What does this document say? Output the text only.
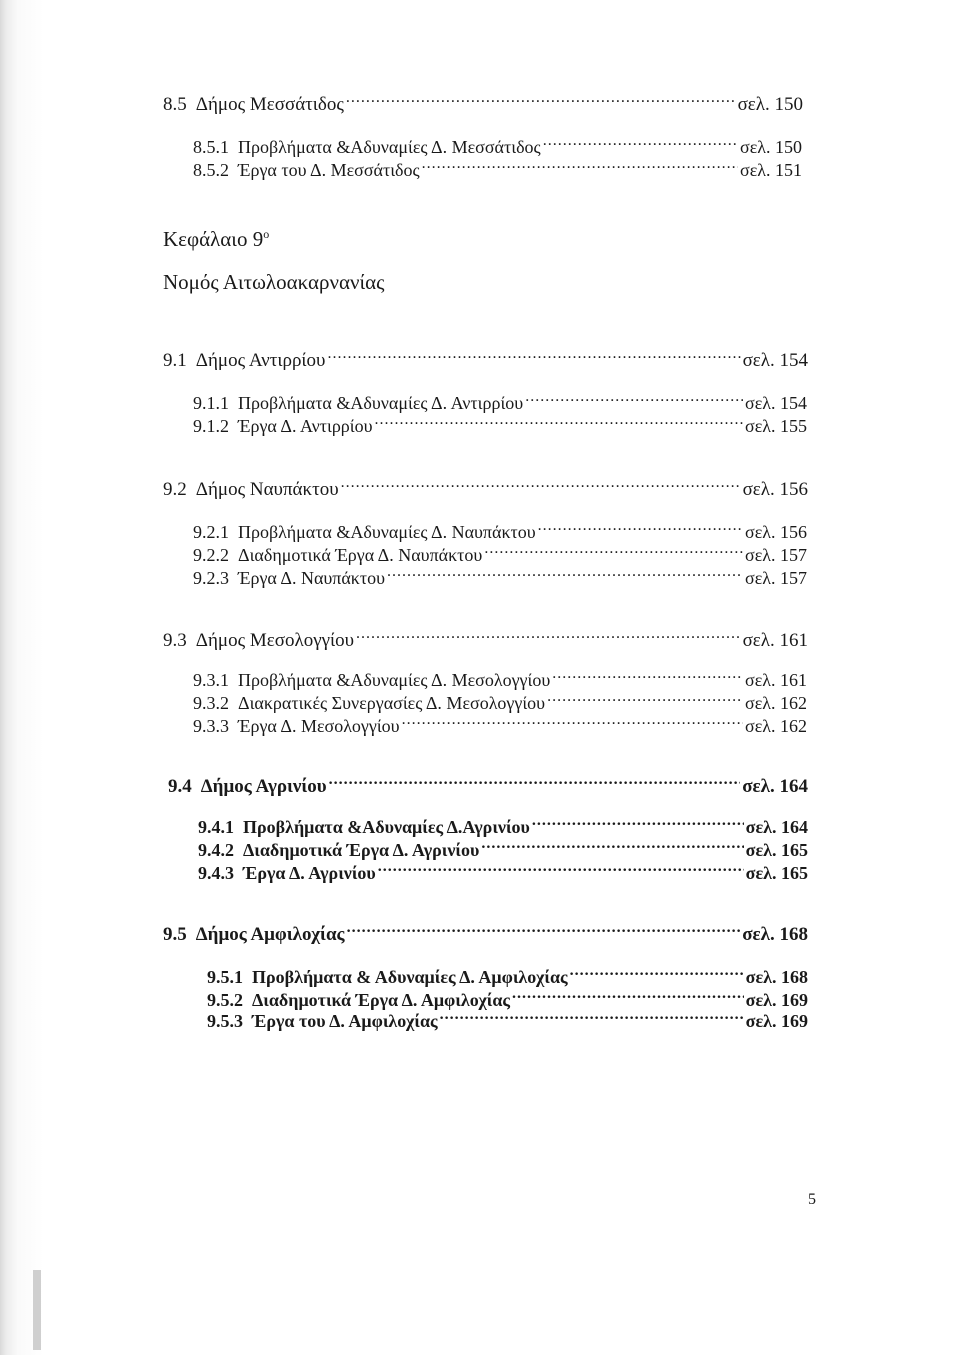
8.5 Δήμος Μεσσάτιδος .....	σελ. 150
8.5.1 Προβλήματα &Αδυναμίες Δ. Μεσσάτιδος .....	σελ. 150
8.5.2 Έργα του Δ. Μεσσάτιδος .....	σελ. 151
Κεφάλαιο $9^o$
Νομός Αιτωλοακαρνανίας
9.1 Δήμος Αντιρρίου .....	σελ. 154
9.1.1 Προβλήματα &Αδυναμίες Δ. Αντιρρίου .....	σελ. 154
9.1.2 Έργα Δ. Αντιρρίου .....	σελ. 155
9.2 Δήμος Ναυπάκτου .....	σελ. 156
9.2.1 Προβλήματα &Αδυναμίες Δ. Ναυπάκτου .....	σελ. 156
9.2.2 Διαδημοτικά Έργα Δ. Ναυπάκτου .....	σελ. 157
9.2.3 Έργα Δ. Ναυπάκτου .....	σελ. 157
9.3 Δήμος Μεσολογγίου .....	σελ. 161
9.3.1 Προβλήματα &Αδυναμίες Δ. Μεσολογγίου .....	σελ. 161
9.3.2 Διακρατικές Συνεργασίες Δ. Μεσολογγίου .....	σελ. 162
9.3.3 Έργα Δ. Μεσολογγίου .....	σελ. 162
9.4 Δήμος Αγρινίου .....	σελ. 164
9.4.1 Προβλήματα &Αδυναμίες Δ.Αγρινίου .....	σελ. 164
9.4.2 Διαδημοτικά Έργα Δ. Αγρινίου .....	σελ. 165
9.4.3 Έργα Δ. Αγρινίου .....	σελ. 165
9.5 Δήμος Αμφιλοχίας .....	σελ. 168
9.5.1 Προβλήματα & Αδυναμίες Δ. Αμφιλοχίας .....	σελ. 168
9.5.2 Διαδημοτικά Έργα Δ. Αμφιλοχίας .....	σελ. 169
9.5.3 Έργα του Δ. Αμφιλοχίας .....	σελ. 169
5
